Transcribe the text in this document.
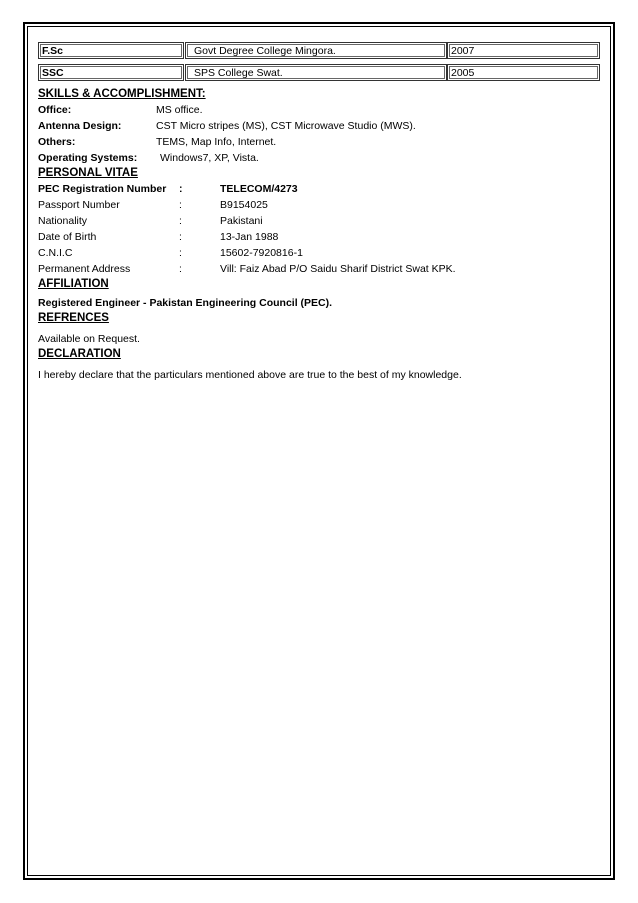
F.Sc	Govt Degree College Mingora.	2007
SSC	SPS College Swat.	2005
SKILLS & ACCOMPLISHMENT:
Office:	MS office.
Antenna Design:	CST Micro stripes (MS), CST Microwave Studio (MWS).
Others:	TEMS, Map Info, Internet.
Operating Systems: Windows7, XP, Vista.
PERSONAL VITAE
PEC Registration Number :	TELECOM/4273
Passport Number	:	B9154025
Nationality	:	Pakistani
Date of Birth	:	13-Jan 1988
C.N.I.C	:	15602-7920816-1
Permanent Address	:	Vill: Faiz Abad P/O Saidu Sharif District Swat KPK.
AFFILIATION
Registered Engineer - Pakistan Engineering Council (PEC).
REFRENCES
Available on Request.
DECLARATION
I hereby declare that the particulars mentioned above are true to the best of my knowledge.
